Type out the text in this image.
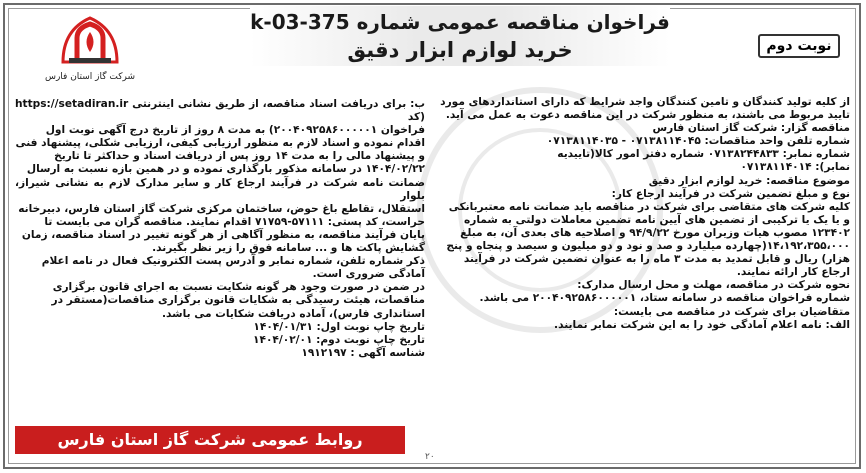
فراخوان مناقصه عمومی شماره k-03-375
خرید لوازم ابزار دقیق	نوبت دوم
شرکت گاز استان فارس

از کلیه تولید کنندگان و تامین کنندگان واجد شرایط که دارای استانداردهای مورد

تایید مربوط می باشند، به منظور شرکت در این مناقصه دعوت به عمل می آید.

مناقصه گزار: شرکت گاز استان فارس

شماره تلفن واحد مناقصات: ۰۷۱۳۸۱۱۴۰۴۵ - ۰۷۱۳۸۱۱۴۰۳۵

شماره نمابر: ۰۷۱۳۸۲۴۴۸۳۳ شماره دفتر امور کالا(تاییدیه

نمابر): ۰۷۱۳۸۱۱۴۰۱۴

موضوع مناقصه: خرید لوازم ابزار دقیق

نوع و مبلغ تضمین شرکت در فرآیند ارجاع کار:

کلیه شرکت های متقاضی برای شرکت در مناقصه باید ضمانت نامه معتبربانکی

و یا یک یا ترکیبی از تضمین های آیین نامه تضمین معاملات دولتی به شماره

۱۲۳۴۰۲ مصوب هیات وزیران مورخ ۹۴/۹/۲۲ و اصلاحیه های بعدی آن، به مبلغ

۱۴،۱۹۲،۳۵۵،۰۰۰(چهارده میلیارد و صد و نود و دو میلیون و سیصد و پنجاه و پنج

هزار) ریال و قابل تمدید به مدت ۳ ماه را به عنوان تضمین شرکت در فرآیند

ارجاع کار ارائه نمایند.

نحوه شرکت در مناقصه، مهلت و محل ارسال مدارک:

شماره فراخوان مناقصه در سامانه ستاد، ۲۰۰۴۰۹۲۵۸۶۰۰۰۰۰۱ می باشد.

متقاضیان برای شرکت در مناقصه می بایست:

الف: نامه اعلام آمادگی خود را به این شرکت نمابر نمایند.

ب: برای دریافت اسناد مناقصه، از طریق نشانی اینترنتی https://setadiran.ir (کد

فراخوان ۲۰۰۴۰۹۲۵۸۶۰۰۰۰۰۱) به مدت ۸ روز از تاریخ درج آگهی نوبت اول

اقدام نموده و اسناد لازم به منظور ارزیابی کیفی، ارزیابی شکلی، پیشنهاد فنی

و پیشنهاد مالی را به مدت ۱۴ روز پس از دریافت اسناد و حداکثر تا تاریخ

۱۴۰۴/۰۲/۲۲ در سامانه مذکور بارگذاری نموده و در همین بازه نسبت به ارسال

ضمانت نامه شرکت در فرآیند ارجاع کار و سایر مدارک لازم به نشانی شیراز، بلوار

استقلال، تقاطع باغ حوض، ساختمان مرکزی شرکت گاز استان فارس، دبیرخانه

حراست، کد پستی: ۵۷۱۱۱-۷۱۷۵۹ اقدام نمایند. مناقصه گران می بایست تا

پایان فرآیند مناقصه، به منظور آگاهی از هر گونه تغییر در اسناد مناقصه، زمان

گشایش پاکت ها و ... سامانه فوق را زیر نظر بگیرند.

ذکر شماره تلفن، شماره نمابر و آدرس پست الکترونیک فعال در نامه اعلام

آمادگی ضروری است.

در ضمن در صورت وجود هر گونه شکایت نسبت به اجرای قانون برگزاری

مناقصات، هیئت رسیدگی به شکایات قانون برگزاری مناقصات(مستقر در

استانداری فارس)، آماده دریافت شکایات می باشد.

تاریخ چاپ نوبت اول: ۱۴۰۴/۰۱/۳۱

تاریخ چاپ نوبت دوم: ۱۴۰۴/۰۲/۰۱

شناسه آگهی : ۱۹۱۲۱۹۷

روابط عمومی شرکت گاز استان فارس
۲۰
